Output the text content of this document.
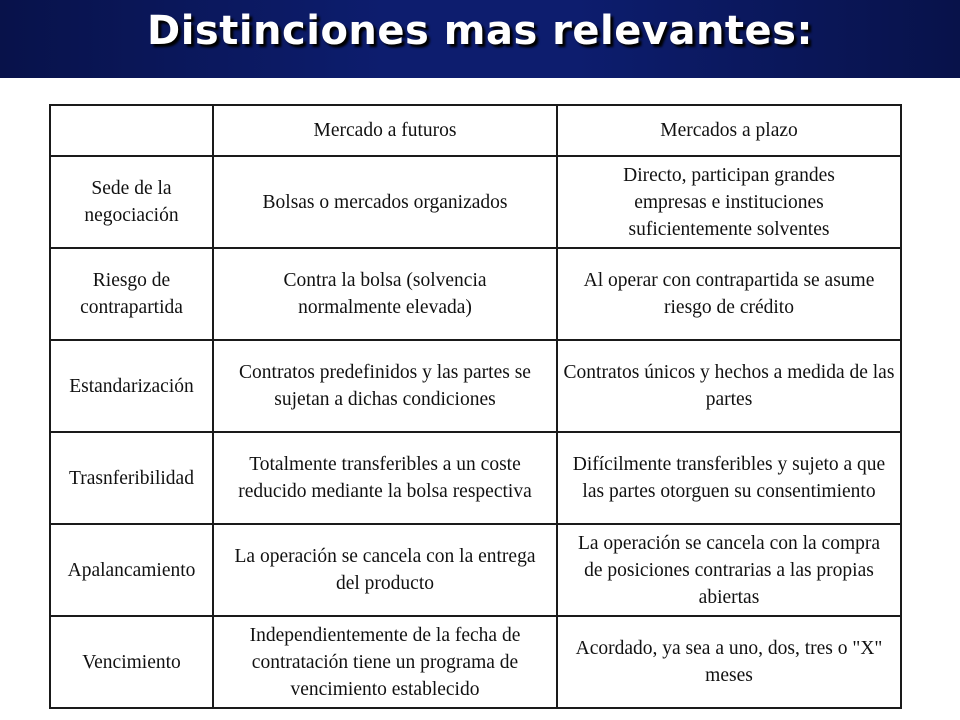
Distinciones mas relevantes:
	Mercado a futuros	Mercados a plazo
Sede de la negociación	Bolsas o mercados organizados	Directo, participan grandes empresas e instituciones suficientemente solventes
Riesgo de contrapartida	Contra la bolsa (solvencia normalmente elevada)	Al operar con contrapartida se asume riesgo de crédito
Estandarización	Contratos predefinidos y las partes se sujetan a dichas condiciones	Contratos únicos y hechos a medida de las partes
Trasnferibilidad	Totalmente transferibles a un coste reducido mediante la bolsa respectiva	Difícilmente transferibles y sujeto a que las partes otorguen su consentimiento
Apalancamiento	La operación se cancela con la entrega del producto	La operación se cancela con la compra de posiciones contrarias a las propias abiertas
Vencimiento	Independientemente de la fecha de contratación tiene un programa de vencimiento establecido	Acordado, ya sea a uno, dos, tres o "X" meses
